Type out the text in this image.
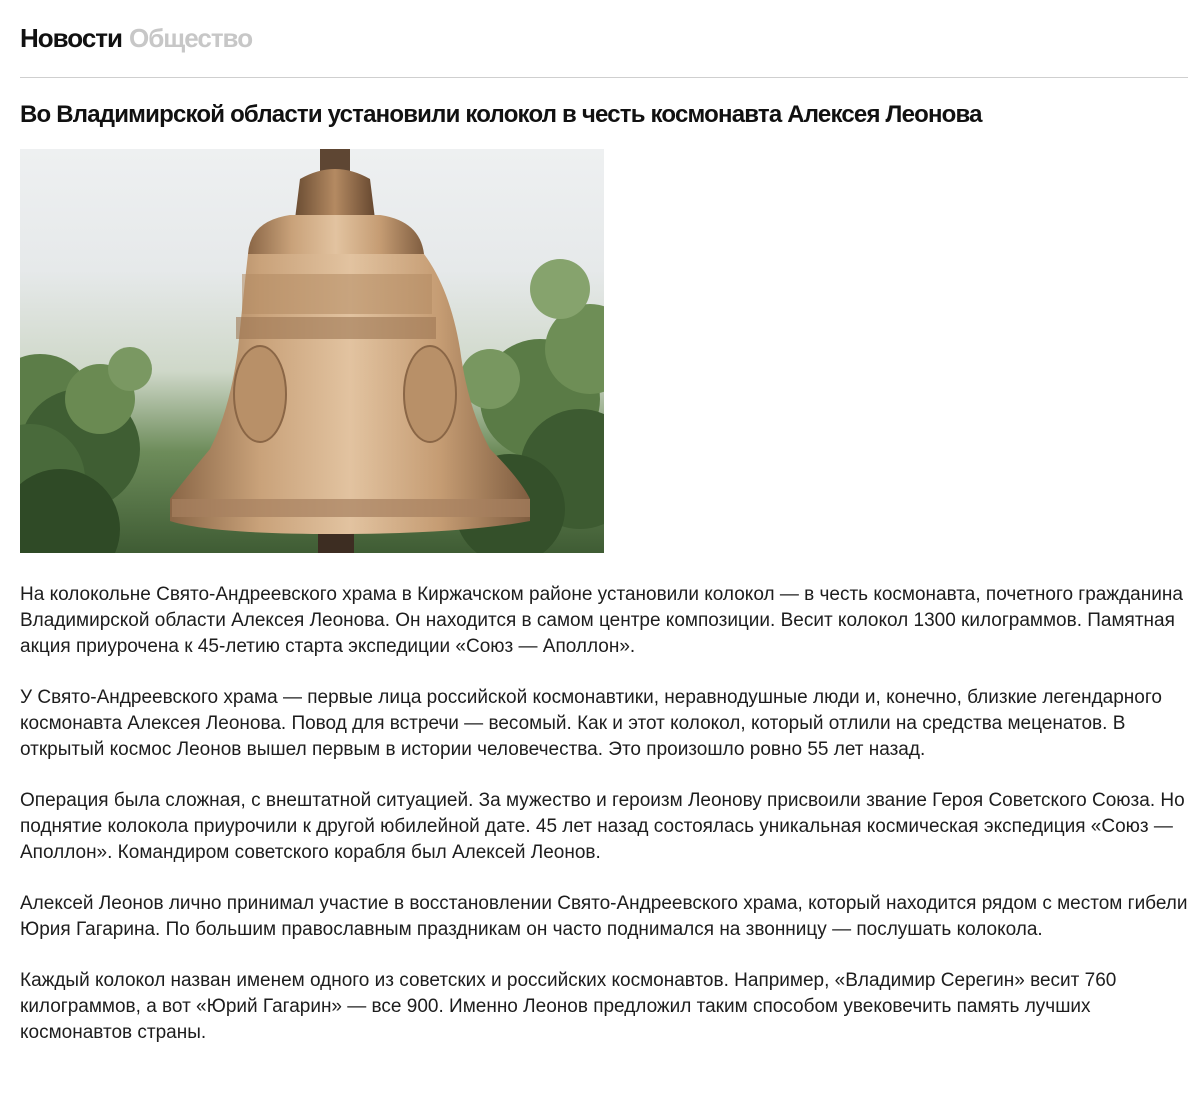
Новости Общество
Во Владимирской области установили колокол в честь космонавта Алексея Леонова

На колокольне Свято-Андреевского храма в Киржачском районе установили колокол — в честь космонавта, почетного гражданина Владимирской области Алексея Леонова. Он находится в самом центре композиции. Весит колокол 1300 килограммов. Памятная акция приурочена к 45-летию старта экспедиции «Союз — Аполлон».

У Свято-Андреевского храма — первые лица российской космонавтики, неравнодушные люди и, конечно, близкие легендарного космонавта Алексея Леонова. Повод для встречи — весомый. Как и этот колокол, который отлили на средства меценатов. В открытый космос Леонов вышел первым в истории человечества. Это произошло ровно 55 лет назад.

Операция была сложная, с внештатной ситуацией. За мужество и героизм Леонову присвоили звание Героя Советского Союза. Но поднятие колокола приурочили к другой юбилейной дате. 45 лет назад состоялась уникальная космическая экспедиция «Союз — Аполлон». Командиром советского корабля был Алексей Леонов.

Алексей Леонов лично принимал участие в восстановлении Свято-Андреевского храма, который находится рядом с местом гибели Юрия Гагарина. По большим православным праздникам он часто поднимался на звонницу — послушать колокола.

Каждый колокол назван именем одного из советских и российских космонавтов. Например, «Владимир Серегин» весит 760 килограммов, а вот «Юрий Гагарин» — все 900. Именно Леонов предложил таким способом увековечить память лучших космонавтов страны.
